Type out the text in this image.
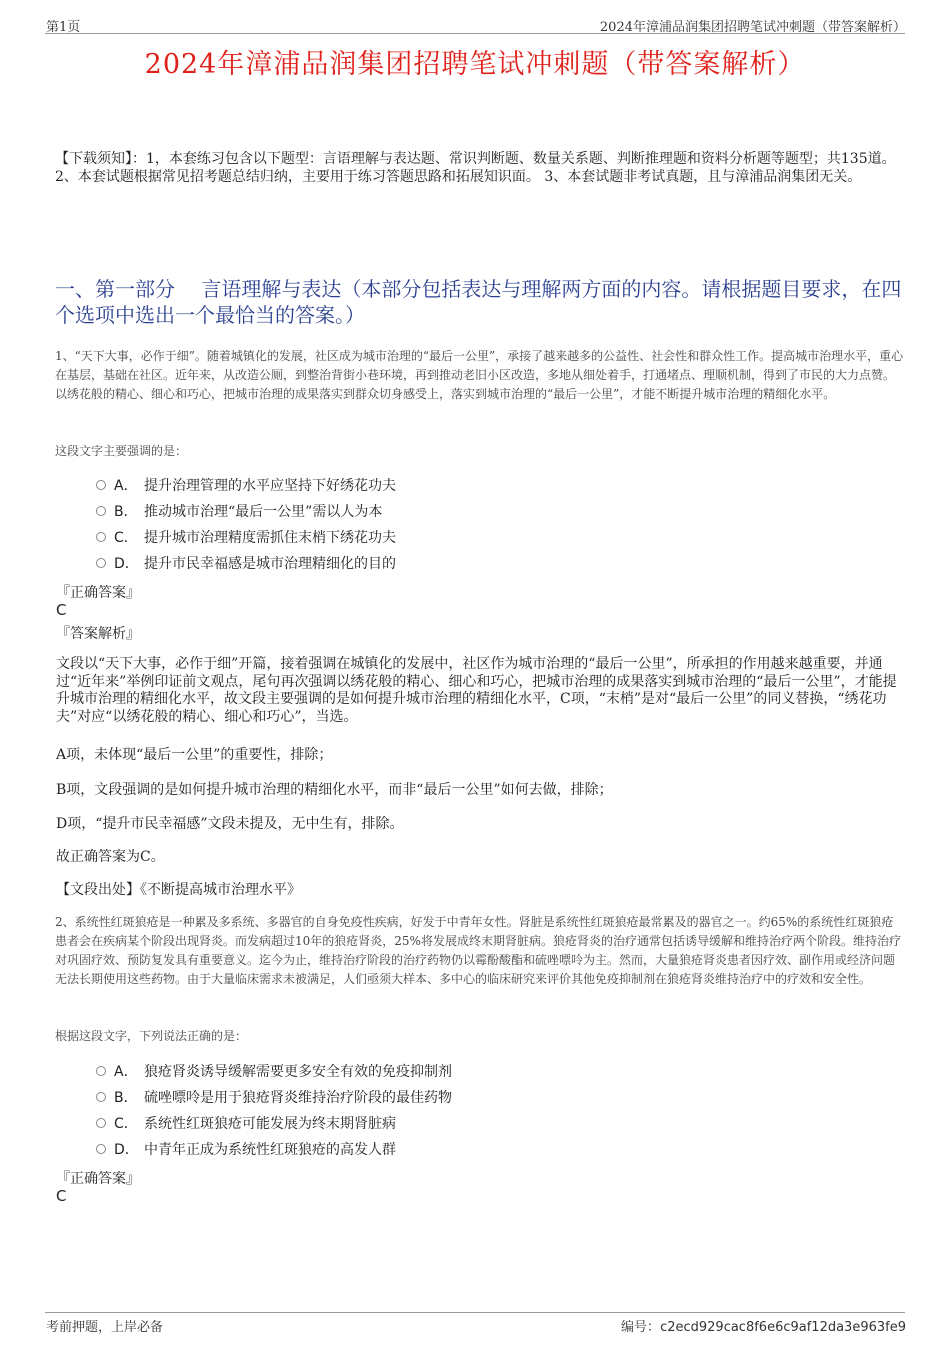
第1页	2024年漳浦品润集团招聘笔试冲刺题（带答案解析）
2024年漳浦品润集团招聘笔试冲刺题（带答案解析）
【下载须知】：1，本套练习包含以下题型：言语理解与表达题、常识判断题、数量关系题、判断推理题和资料分析题等题型；共135道。 2、本套试题根据常见招考题总结归纳，主要用于练习答题思路和拓展知识面。 3、本套试题非考试真题，且与漳浦品润集团无关。
一、第一部分　 言语理解与表达（本部分包括表达与理解两方面的内容。请根据题目要求，在四个选项中选出一个最恰当的答案。）
1、“天下大事，必作于细”。随着城镇化的发展，社区成为城市治理的“最后一公里”，承接了越来越多的公益性、社会性和群众性工作。提高城市治理水平，重心在基层，基础在社区。近年来，从改造公厕，到整治背街小巷环境，再到推动老旧小区改造，多地从细处着手，打通堵点、理顺机制，得到了市民的大力点赞。以绣花般的精心、细心和巧心，把城市治理的成果落实到群众切身感受上，落实到城市治理的“最后一公里”，才能不断提升城市治理的精细化水平。
这段文字主要强调的是：
A． 提升治理管理的水平应坚持下好绣花功夫
B． 推动城市治理“最后一公里”需以人为本
C． 提升城市治理精度需抓住末梢下绣花功夫
D． 提升市民幸福感是城市治理精细化的目的
『正确答案』
C
『答案解析』
文段以“天下大事，必作于细”开篇，接着强调在城镇化的发展中，社区作为城市治理的“最后一公里”，所承担的作用越来越重要，并通过“近年来”举例印证前文观点，尾句再次强调以绣花般的精心、细心和巧心，把城市治理的成果落实到城市治理的“最后一公里”，才能提升城市治理的精细化水平，故文段主要强调的是如何提升城市治理的精细化水平，C项，“末梢”是对“最后一公里”的同义替换，“绣花功夫”对应“以绣花般的精心、细心和巧心”，当选。
A项，未体现“最后一公里”的重要性，排除；
B项，文段强调的是如何提升城市治理的精细化水平，而非“最后一公里”如何去做，排除；
D项，“提升市民幸福感”文段未提及，无中生有，排除。
故正确答案为C。
【文段出处】《不断提高城市治理水平》
2、系统性红斑狼疮是一种累及多系统、多器官的自身免疫性疾病，好发于中青年女性。肾脏是系统性红斑狼疮最常累及的器官之一。约65%的系统性红斑狼疮患者会在疾病某个阶段出现肾炎。而发病超过10年的狼疮肾炎，25%将发展成终末期肾脏病。狼疮肾炎的治疗通常包括诱导缓解和维持治疗两个阶段。维持治疗对巩固疗效、预防复发具有重要意义。迄今为止，维持治疗阶段的治疗药物仍以霉酚酸酯和硫唑嘌呤为主。然而，大量狼疮肾炎患者因疗效、副作用或经济问题无法长期使用这些药物。由于大量临床需求未被满足，人们亟须大样本、多中心的临床研究来评价其他免疫抑制剂在狼疮肾炎维持治疗中的疗效和安全性。
根据这段文字，下列说法正确的是：
A． 狼疮肾炎诱导缓解需要更多安全有效的免疫抑制剂
B． 硫唑嘌呤是用于狼疮肾炎维持治疗阶段的最佳药物
C． 系统性红斑狼疮可能发展为终末期肾脏病
D． 中青年正成为系统性红斑狼疮的高发人群
『正确答案』
C
考前押题，上岸必备	编号：c2ecd929cac8f6e6c9af12da3e963fe9
